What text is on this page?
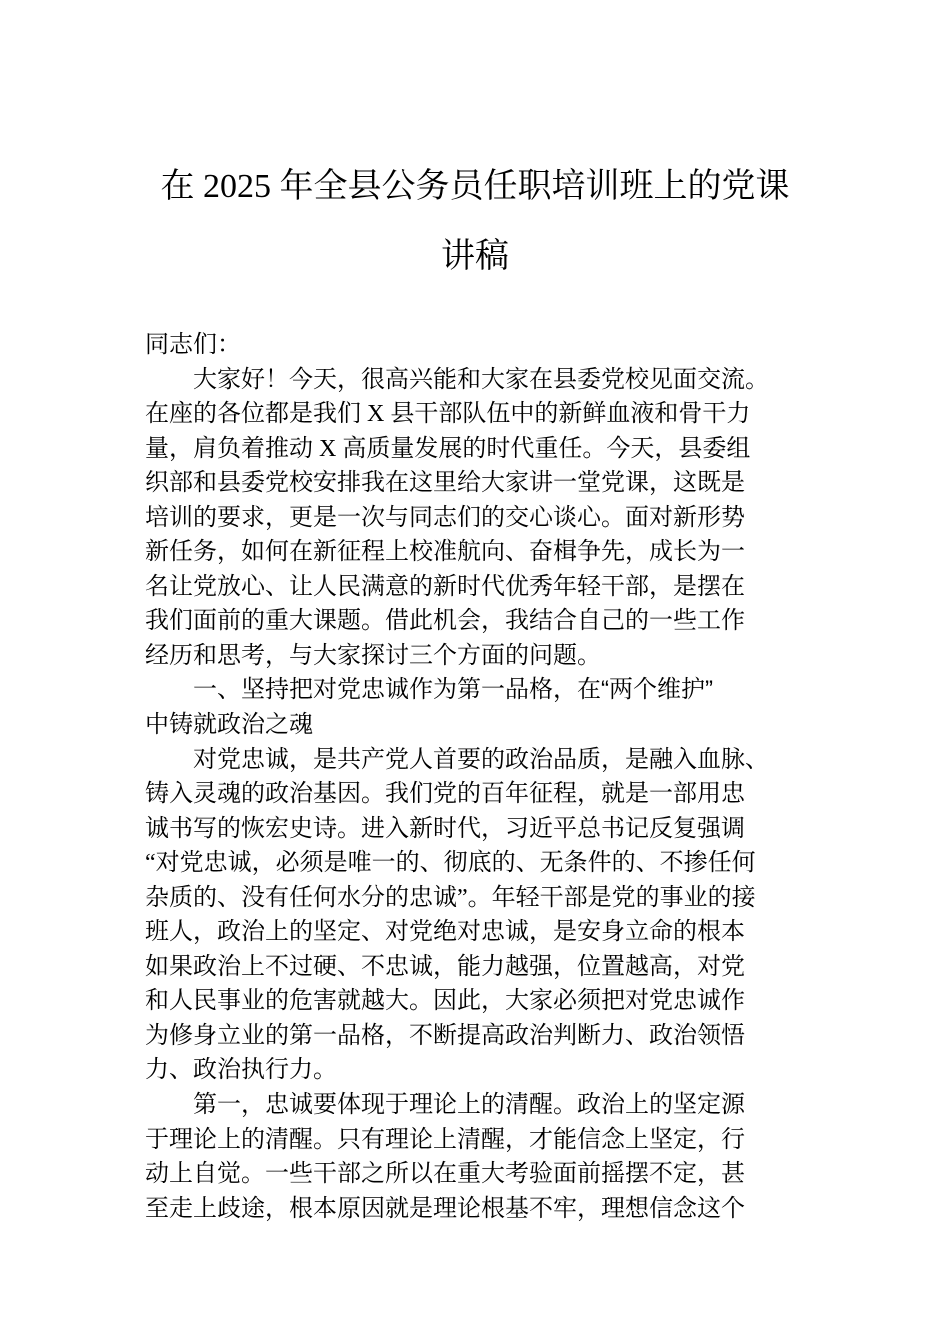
在 2025 年全县公务员任职培训班上的党课
讲稿
同志们：
大家好！今天，很高兴能和大家在县委党校见面交流。
在座的各位都是我们 X 县干部队伍中的新鲜血液和骨干力
量，肩负着推动 X 高质量发展的时代重任。今天，县委组
织部和县委党校安排我在这里给大家讲一堂党课，这既是
培训的要求，更是一次与同志们的交心谈心。面对新形势
新任务，如何在新征程上校准航向、奋楫争先，成长为一
名让党放心、让人民满意的新时代优秀年轻干部，是摆在
我们面前的重大课题。借此机会，我结合自己的一些工作
经历和思考，与大家探讨三个方面的问题。
一、坚持把对党忠诚作为第一品格，在“两个维护”
中铸就政治之魂
对党忠诚，是共产党人首要的政治品质，是融入血脉、
铸入灵魂的政治基因。我们党的百年征程，就是一部用忠
诚书写的恢宏史诗。进入新时代，习近平总书记反复强调
“对党忠诚，必须是唯一的、彻底的、无条件的、不掺任何
杂质的、没有任何水分的忠诚”。年轻干部是党的事业的接
班人，政治上的坚定、对党绝对忠诚，是安身立命的根本
如果政治上不过硬、不忠诚，能力越强，位置越高，对党
和人民事业的危害就越大。因此，大家必须把对党忠诚作
为修身立业的第一品格，不断提高政治判断力、政治领悟
力、政治执行力。
第一，忠诚要体现于理论上的清醒。政治上的坚定源
于理论上的清醒。只有理论上清醒，才能信念上坚定，行
动上自觉。一些干部之所以在重大考验面前摇摆不定，甚
至走上歧途，根本原因就是理论根基不牢，理想信念这个
